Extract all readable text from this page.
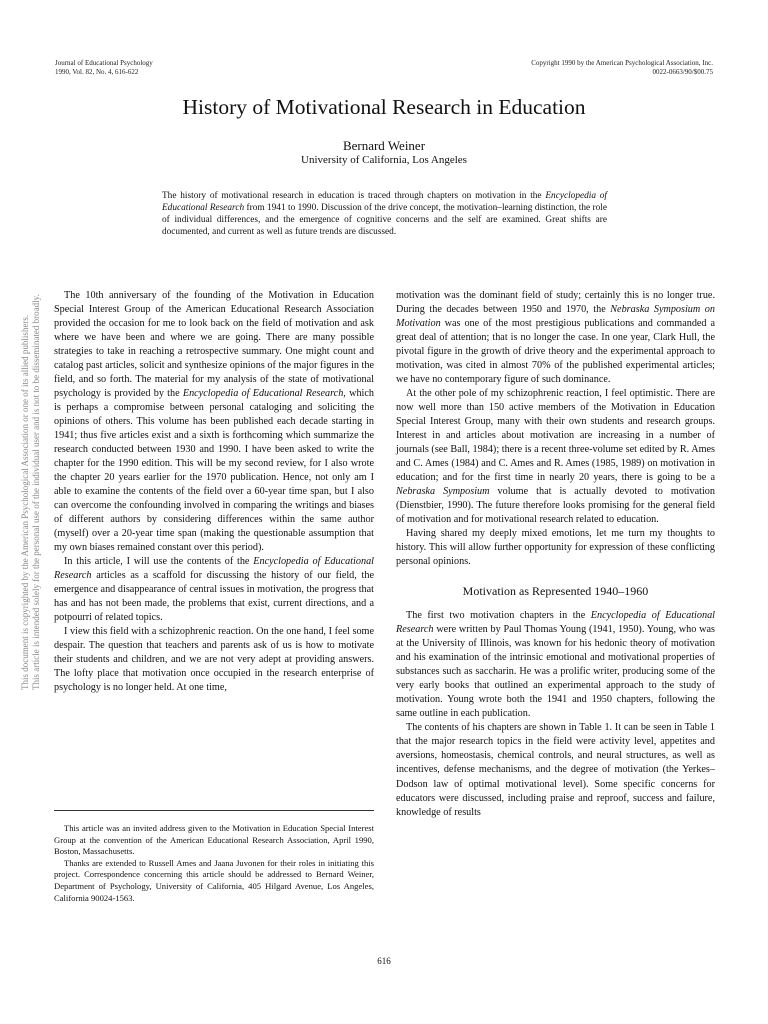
Journal of Educational Psychology
1990, Vol. 82, No. 4, 616-622
Copyright 1990 by the American Psychological Association, Inc.
0022-0663/90/$00.75
History of Motivational Research in Education
Bernard Weiner
University of California, Los Angeles
The history of motivational research in education is traced through chapters on motivation in the Encyclopedia of Educational Research from 1941 to 1990. Discussion of the drive concept, the motivation–learning distinction, the role of individual differences, and the emergence of cognitive concerns and the self are examined. Great shifts are documented, and current as well as future trends are discussed.

The 10th anniversary of the founding of the Motivation in Education Special Interest Group of the American Educational Research Association provided the occasion for me to look back on the field of motivation and ask where we have been and where we are going. There are many possible strategies to take in reaching a retrospective summary. One might count and catalog past articles, solicit and synthesize opinions of the major figures in the field, and so forth. The material for my analysis of the state of motivational psychology is provided by the Encyclopedia of Educational Research, which is perhaps a compromise between personal cataloging and soliciting the opinions of others. This volume has been published each decade starting in 1941; thus five articles exist and a sixth is forthcoming which summarize the research conducted between 1930 and 1990. I have been asked to write the chapter for the 1990 edition. This will be my second review, for I also wrote the chapter 20 years earlier for the 1970 publication. Hence, not only am I able to examine the contents of the field over a 60-year time span, but I also can overcome the confounding involved in comparing the writings and biases of different authors by considering differences within the same author (myself) over a 20-year time span (making the questionable assumption that my own biases remained constant over this period).

In this article, I will use the contents of the Encyclopedia of Educational Research articles as a scaffold for discussing the history of our field, the emergence and disappearance of central issues in motivation, the progress that has and has not been made, the problems that exist, current directions, and a potpourri of related topics.

I view this field with a schizophrenic reaction. On the one hand, I feel some despair. The question that teachers and parents ask of us is how to motivate their students and children, and we are not very adept at providing answers. The lofty place that motivation once occupied in the research enterprise of psychology is no longer held. At one time,

This article was an invited address given to the Motivation in Education Special Interest Group at the convention of the American Educational Research Association, April 1990, Boston, Massachusetts.

Thanks are extended to Russell Ames and Jaana Juvonen for their roles in initiating this project. Correspondence concerning this article should be addressed to Bernard Weiner, Department of Psychology, University of California, 405 Hilgard Avenue, Los Angeles, California 90024-1563.

motivation was the dominant field of study; certainly this is no longer true. During the decades between 1950 and 1970, the Nebraska Symposium on Motivation was one of the most prestigious publications and commanded a great deal of attention; that is no longer the case. In one year, Clark Hull, the pivotal figure in the growth of drive theory and the experimental approach to motivation, was cited in almost 70% of the published experimental articles; we have no contemporary figure of such dominance.

At the other pole of my schizophrenic reaction, I feel optimistic. There are now well more than 150 active members of the Motivation in Education Special Interest Group, many with their own students and research groups. Interest in and articles about motivation are increasing in a number of journals (see Ball, 1984); there is a recent three-volume set edited by R. Ames and C. Ames (1984) and C. Ames and R. Ames (1985, 1989) on motivation in education; and for the first time in nearly 20 years, there is going to be a Nebraska Symposium volume that is actually devoted to motivation (Dienstbier, 1990). The future therefore looks promising for the general field of motivation and for motivational research related to education.

Having shared my deeply mixed emotions, let me turn my thoughts to history. This will allow further opportunity for expression of these conflicting personal opinions.

Motivation as Represented 1940–1960

The first two motivation chapters in the Encyclopedia of Educational Research were written by Paul Thomas Young (1941, 1950). Young, who was at the University of Illinois, was known for his hedonic theory of motivation and his examination of the intrinsic emotional and motivational properties of substances such as saccharin. He was a prolific writer, producing some of the very early books that outlined an experimental approach to the study of motivation. Young wrote both the 1941 and 1950 chapters, following the same outline in each publication.

The contents of his chapters are shown in Table 1. It can be seen in Table 1 that the major research topics in the field were activity level, appetites and aversions, homeostasis, chemical controls, and neural structures, as well as incentives, defense mechanisms, and the degree of motivation (the Yerkes–Dodson law of optimal motivational level). Some specific concerns for educators were discussed, including praise and reproof, success and failure, knowledge of results

616
This document is copyrighted by the American Psychological Association or one of its allied publishers. This article is intended solely for the personal use of the individual user and is not to be disseminated broadly.
